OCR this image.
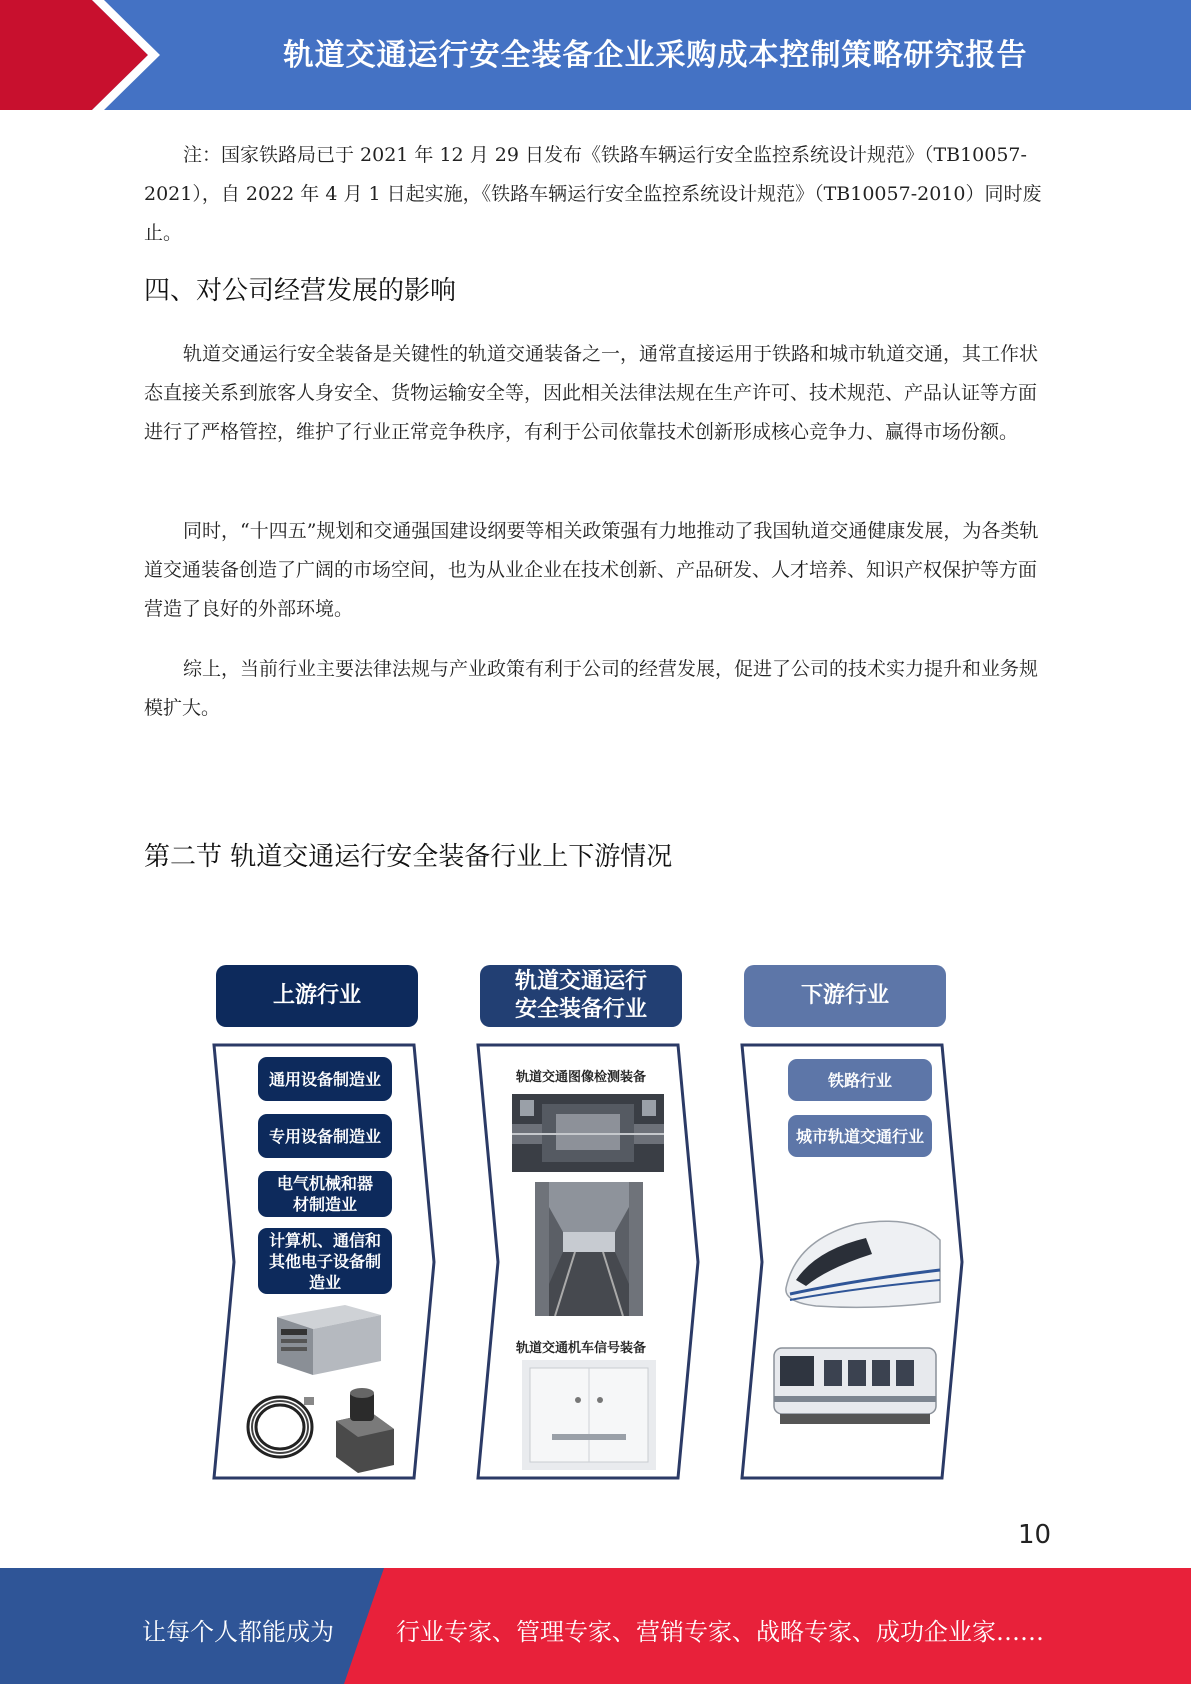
轨道交通运行安全装备企业采购成本控制策略研究报告

注：国家铁路局已于 2021 年 12 月 29 日发布《铁路车辆运行安全监控系统设计规范》（TB10057-2021），自 2022 年 4 月 1 日起实施，《铁路车辆运行安全监控系统设计规范》（TB10057-2010）同时废止。

四、对公司经营发展的影响

轨道交通运行安全装备是关键性的轨道交通装备之一，通常直接运用于铁路和城市轨道交通，其工作状态直接关系到旅客人身安全、货物运输安全等，因此相关法律法规在生产许可、技术规范、产品认证等方面进行了严格管控，维护了行业正常竞争秩序，有利于公司依靠技术创新形成核心竞争力、赢得市场份额。

同时，“十四五”规划和交通强国建设纲要等相关政策强有力地推动了我国轨道交通健康发展，为各类轨道交通装备创造了广阔的市场空间，也为从业企业在技术创新、产品研发、人才培养、知识产权保护等方面营造了良好的外部环境。

综上，当前行业主要法律法规与产业政策有利于公司的经营发展，促进了公司的技术实力提升和业务规模扩大。

第二节 轨道交通运行安全装备行业上下游情况
上游行业
轨道交通运行安全装备行业
下游行业
通用设备制造业
专用设备制造业
电气机械和器材制造业
计算机、通信和其他电子设备制造业
轨道交通图像检测装备
轨道交通机车信号装备
铁路行业
城市轨道交通行业
10
让每个人都能成为	行业专家、管理专家、营销专家、战略专家、成功企业家……
